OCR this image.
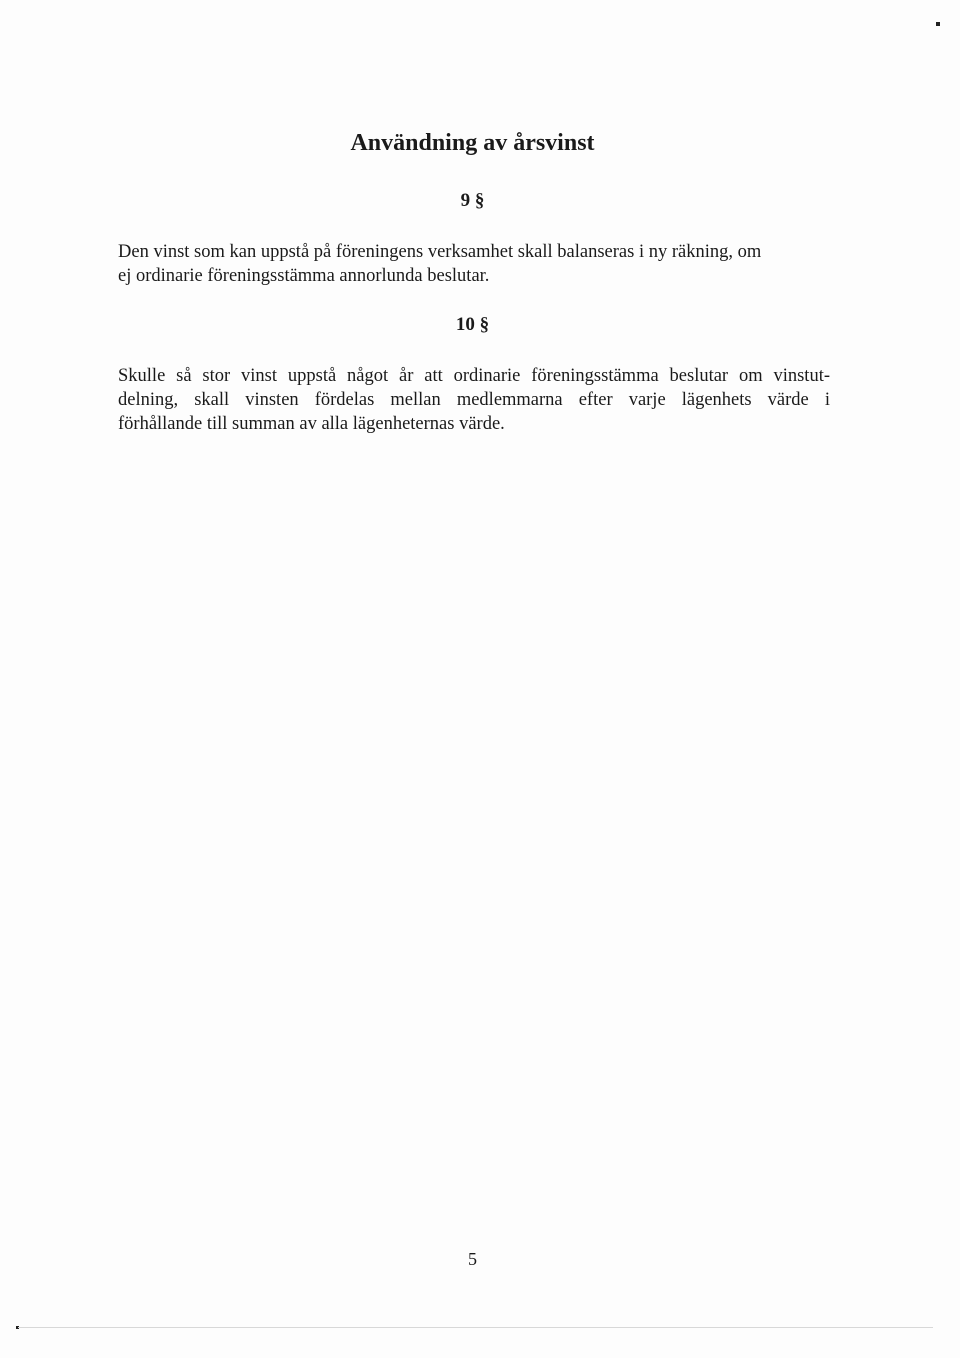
Användning av årsvinst

9 §

Den vinst som kan uppstå på föreningens verksamhet skall balanseras i ny räkning, om
ej ordinarie föreningsstämma annorlunda beslutar.

10 §

Skulle så stor vinst uppstå något år att ordinarie föreningsstämma beslutar om vinstut-
delning, skall vinsten fördelas mellan medlemmarna efter varje lägenhets värde i
förhållande till summan av alla lägenheternas värde.

5
